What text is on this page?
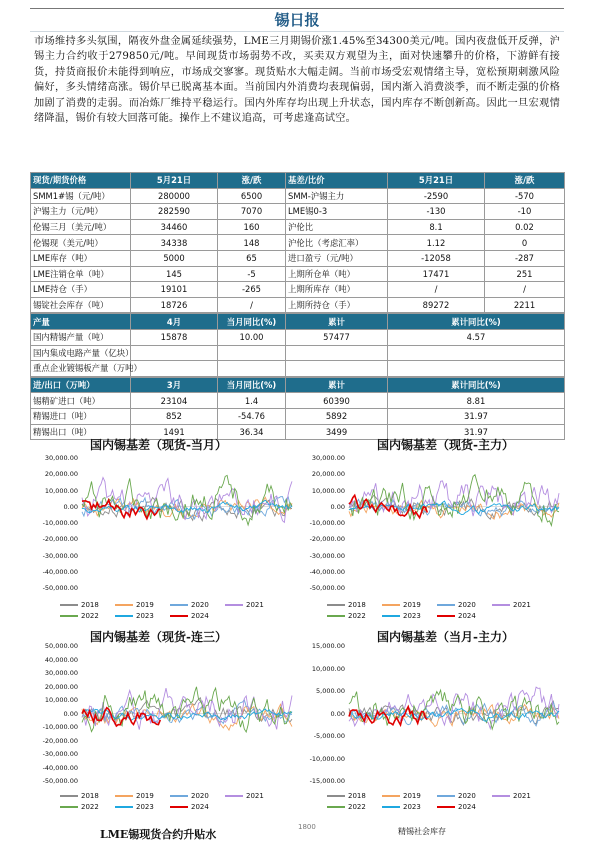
锡日报
市场维持多头氛围，隔夜外盘金属延续强势，LME三月期锡价涨1.45%至34300美元/吨。国内夜盘低开反弹，沪锡主力合约收于279850元/吨。早间现货市场弱势不改，买卖双方观望为主，面对快速攀升的价格，下游鲜有接货，持货商报价未能得到响应，市场成交寥寥。现货贴水大幅走阔。当前市场受宏观情绪主导，宽松预期刺激风险偏好，多头情绪高涨。锡价早已脱离基本面。当前国内外消费均表现偏弱，国内渐入消费淡季，而不断走强的价格加剧了消费的走弱。而冶炼厂维持平稳运行。国内外库存均出现上升状态，国内库存不断创新高。因此一旦宏观情绪降温，锡价有较大回落可能。操作上不建议追高，可考虑逢高试空。
现货/期货价格	5月21日	涨/跌	基差/比价	5月21日	涨/跌
SMM1#锡（元/吨）	280000	6500	SMM-沪锡主力	-2590	-570
沪锡主力（元/吨）	282590	7070	LME锡0-3	-130	-10
伦锡三月（美元/吨）	34460	160	沪伦比	8.1	0.02
伦锡现（美元/吨）	34338	148	沪伦比（考虑汇率）	1.12	0
LME库存（吨）	5000	65	进口盈亏（元/吨）	-12058	-287
LME注销仓单（吨）	145	-5	上期所仓单（吨）	17471	251
LME持仓（手）	19101	-265	上期所库存（吨）	/	/
锡锭社会库存（吨）	18726	/	上期所持仓（手）	89272	2211
产量	4月	当月同比(%)	累计	累计同比(%)
国内精锡产量（吨）	15878	10.00	57477	4.57
国内集成电路产量（亿块）				
重点企业镀锡板产量（万吨）				
进/出口（万吨）	3月	当月同比(%)	累计	累计同比(%)
锡精矿进口（吨）	23104	1.4	60390	8.81
精锡进口（吨）	852	-54.76	5892	31.97
精锡出口（吨）	1491	36.34	3499	31.97
国内锡基差（现货-当月）
30,000.00
20,000.00
10,000.00
0.00
-10,000.00
-20,000.00
-30,000.00
-40,000.00
-50,000.00
2018	2019	2020	2021
2022	2023	2024
国内锡基差（现货-主力）
30,000.00
20,000.00
10,000.00
0.00
-10,000.00
-20,000.00
-30,000.00
-40,000.00
-50,000.00
2018	2019	2020	2021
2022	2023	2024
国内锡基差（现货-连三）
50,000.00
40,000.00
30,000.00
20,000.00
10,000.00
0.00
-10,000.00
-20,000.00
-30,000.00
-40,000.00
-50,000.00
2018	2019	2020	2021
2022	2023	2024
国内锡基差（当月-主力）
15,000.00
10,000.00
5,000.00
0.00
-5,000.00
-10,000.00
-15,000.00
2018	2019	2020	2021
2022	2023	2024
LME锡现货合约升贴水
1800	精锡社会库存
